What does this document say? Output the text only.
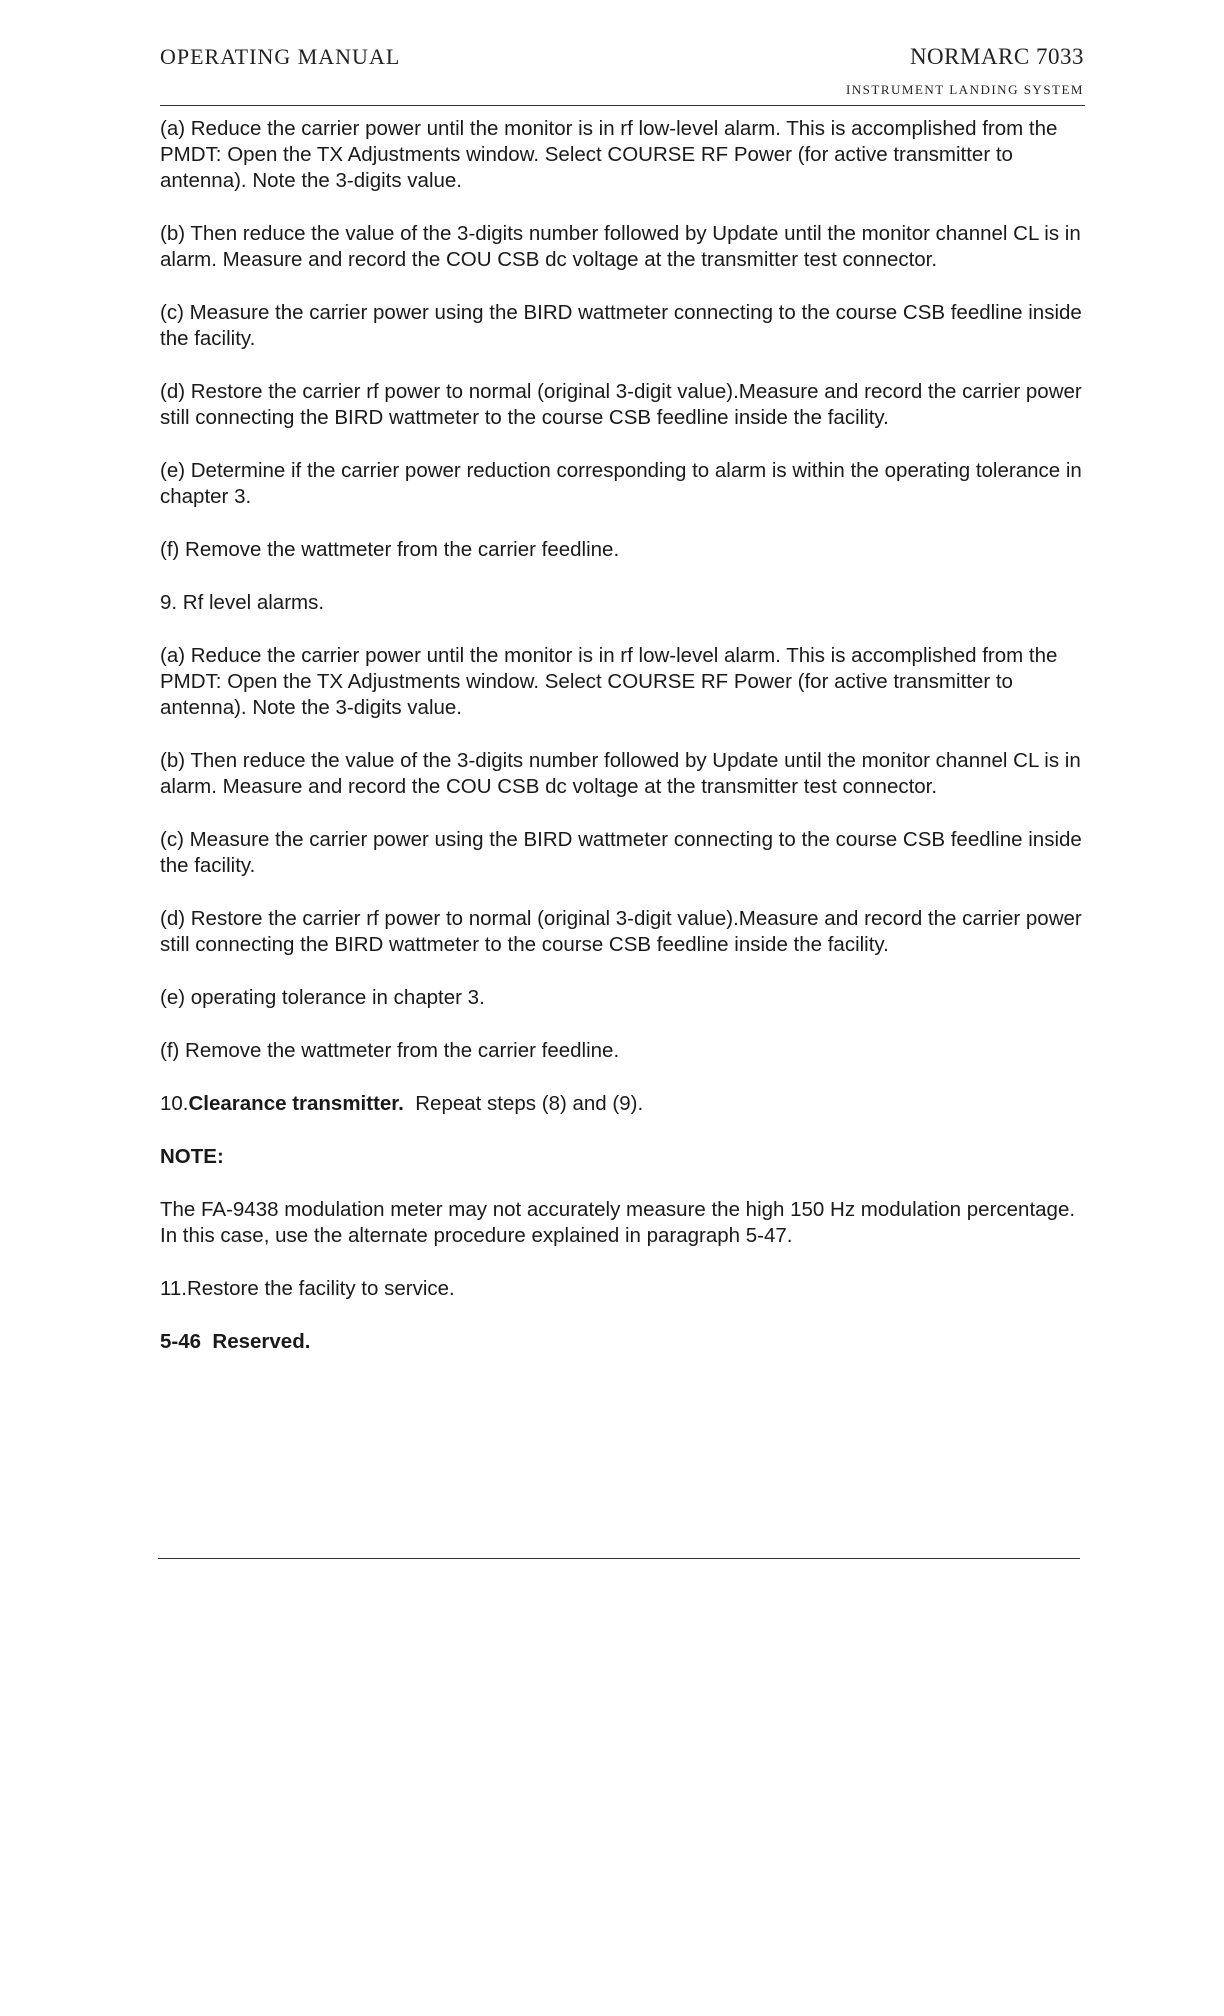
OPERATING MANUAL	NORMARC 7033
INSTRUMENT LANDING SYSTEM

(a) Reduce the carrier power until the monitor is in rf low-level alarm. This is accomplished from the PMDT: Open the TX Adjustments window. Select COURSE RF Power (for active transmitter to antenna). Note the 3-digits value.

(b) Then reduce the value of the 3-digits number followed by Update until the monitor channel CL is in alarm. Measure and record the COU CSB dc voltage at the transmitter test connector.

(c) Measure the carrier power using the BIRD wattmeter connecting to the course CSB feedline inside the facility.

(d) Restore the carrier rf power to normal (original 3-digit value).Measure and record the carrier power still connecting the BIRD wattmeter to the course CSB feedline inside the facility.

(e) Determine if the carrier power reduction corresponding to alarm is within the operating tolerance in chapter 3.

(f) Remove the wattmeter from the carrier feedline.

9. Rf level alarms.

(a) Reduce the carrier power until the monitor is in rf low-level alarm. This is accomplished from the PMDT: Open the TX Adjustments window. Select COURSE RF Power (for active transmitter to antenna). Note the 3-digits value.

(b) Then reduce the value of the 3-digits number followed by Update until the monitor channel CL is in alarm. Measure and record the COU CSB dc voltage at the transmitter test connector.

(c) Measure the carrier power using the BIRD wattmeter connecting to the course CSB feedline inside the facility.

(d) Restore the carrier rf power to normal (original 3-digit value).Measure and record the carrier power still connecting the BIRD wattmeter to the course CSB feedline inside the facility.

(e) operating tolerance in chapter 3.

(f) Remove the wattmeter from the carrier feedline.

10.Clearance transmitter.  Repeat steps (8) and (9).

NOTE:

The FA-9438 modulation meter may not accurately measure the high 150 Hz modulation percentage. In this case, use the alternate procedure explained in paragraph 5-47.

11.Restore the facility to service.

5-46  Reserved.
